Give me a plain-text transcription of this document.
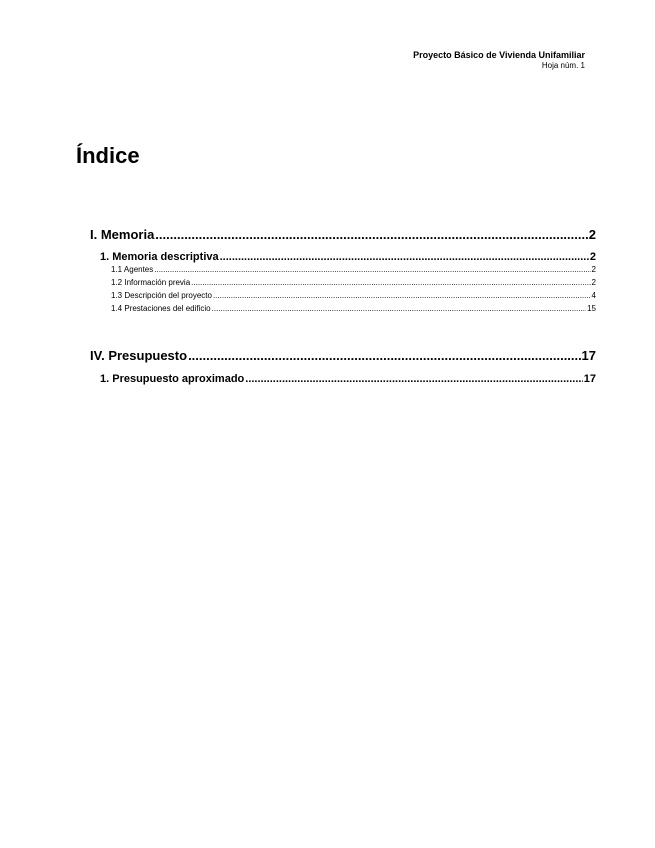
Proyecto Básico de Vivienda Unifamiliar
Hoja núm. 1
Índice
I. Memoria .....	2
1. Memoria descriptiva .....	2
1.1 Agentes .....	2
1.2 Información previa .....	2
1.3 Descripción del proyecto .....	4
1.4 Prestaciones del edificio .....	15
IV. Presupuesto .....	17
1. Presupuesto aproximado .....	17
